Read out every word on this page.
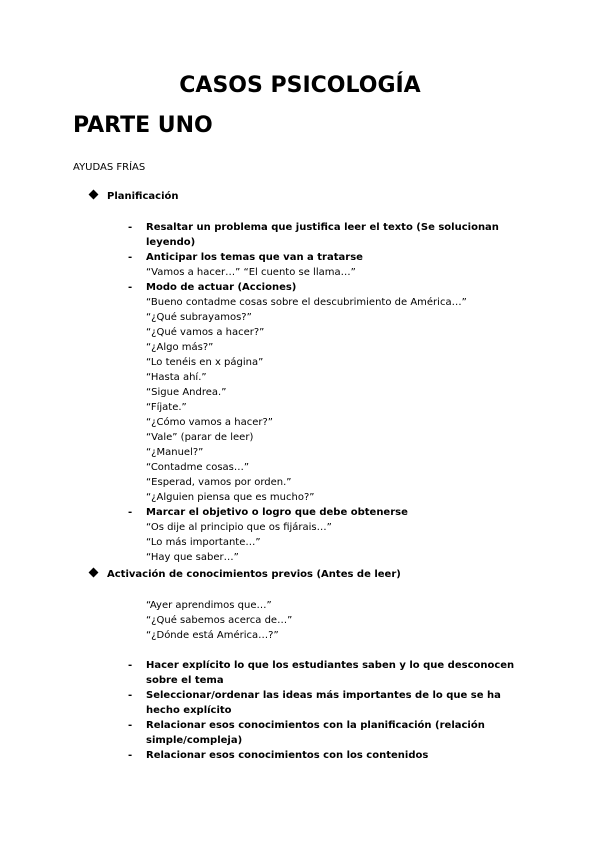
CASOS PSICOLOGÍA
PARTE UNO
AYUDAS FRÍAS
Planificación
- Resaltar un problema que justifica leer el texto (Se solucionan leyendo)
- Anticipar los temas que van a tratarse
“Vamos a hacer…” “El cuento se llama…”
- Modo de actuar (Acciones)
“Bueno contadme cosas sobre el descubrimiento de América…”
“¿Qué subrayamos?”
“¿Qué vamos a hacer?”
“¿Algo más?”
“Lo tenéis en x página”
“Hasta ahí.”
“Sigue Andrea.”
“Fíjate.”
“¿Cómo vamos a hacer?”
“Vale” (parar de leer)
“¿Manuel?”
“Contadme cosas…”
“Esperad, vamos por orden.”
“¿Alguien piensa que es mucho?”
- Marcar el objetivo o logro que debe obtenerse
“Os dije al principio que os fijárais…”
“Lo más importante…”
“Hay que saber…”
Activación de conocimientos previos (Antes de leer)
“Ayer aprendimos que…”
“¿Qué sabemos acerca de…”
“¿Dónde está América…?”
- Hacer explícito lo que los estudiantes saben y lo que desconocen sobre el tema
- Seleccionar/ordenar las ideas más importantes de lo que se ha hecho explícito
- Relacionar esos conocimientos con la planificación (relación simple/compleja)
- Relacionar esos conocimientos con los contenidos
